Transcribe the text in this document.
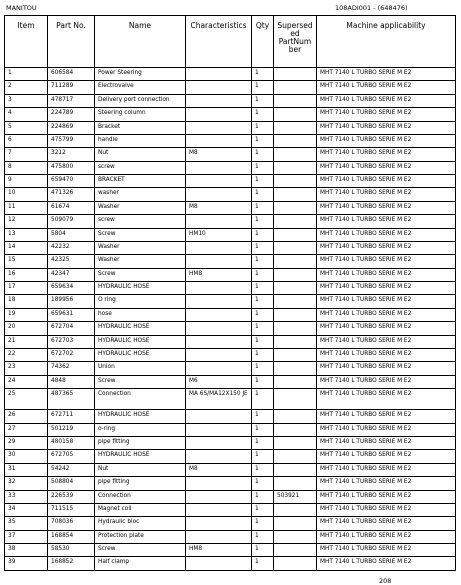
MANITOU	108ADI001 - (648476)
Item	Part No.	Name	Characteristics	Qty	Supersed ed PartNum ber	Machine applicability
1	606584	Power Steering		1		MHT 7140 L TURBO SERIE M E2
2	711289	Electrovalve		1		MHT 7140 L TURBO SERIE M E2
3	478717	Delivery port connection		1		MHT 7140 L TURBO SERIE M E2
4	224789	Steering column		1		MHT 7140 L TURBO SERIE M E2
5	224869	Bracket		1		MHT 7140 L TURBO SERIE M E2
6	475799	handle		1		MHT 7140 L TURBO SERIE M E2
7	3212	Nut	M8	1		MHT 7140 L TURBO SERIE M E2
8	475800	screw		1		MHT 7140 L TURBO SERIE M E2
9	659470	BRACKET		1		MHT 7140 L TURBO SERIE M E2
10	471326	washer		1		MHT 7140 L TURBO SERIE M E2
11	61674	Washer	M8	1		MHT 7140 L TURBO SERIE M E2
12	509079	screw		1		MHT 7140 L TURBO SERIE M E2
13	5804	Screw	HM10	1		MHT 7140 L TURBO SERIE M E2
14	42232	Washer		1		MHT 7140 L TURBO SERIE M E2
15	42325	Washer		1		MHT 7140 L TURBO SERIE M E2
16	42347	Screw	HM8	1		MHT 7140 L TURBO SERIE M E2
17	659634	HYDRAULIC HOSE		1		MHT 7140 L TURBO SERIE M E2
18	189956	O ring		1		MHT 7140 L TURBO SERIE M E2
19	659631	hose		1		MHT 7140 L TURBO SERIE M E2
20	672704	HYDRAULIC HOSE		1		MHT 7140 L TURBO SERIE M E2
21	672703	HYDRAULIC HOSE		1		MHT 7140 L TURBO SERIE M E2
22	672702	HYDRAULIC HOSE		1		MHT 7140 L TURBO SERIE M E2
23	74362	Union		1		MHT 7140 L TURBO SERIE M E2
24	4848	Screw	M6	1		MHT 7140 L TURBO SERIE M E2
25	487365	Connection	MA 6S/MA12X150 JE	1		MHT 7140 L TURBO SERIE M E2
26	672711	HYDRAULIC HOSE		1		MHT 7140 L TURBO SERIE M E2
27	501219	o-ring		1		MHT 7140 L TURBO SERIE M E2
29	480158	pipe fitting		1		MHT 7140 L TURBO SERIE M E2
30	672705	HYDRAULIC HOSE		1		MHT 7140 L TURBO SERIE M E2
31	54242	Nut	M8	1		MHT 7140 L TURBO SERIE M E2
32	508804	pipe fitting		1		MHT 7140 L TURBO SERIE M E2
33	226539	Connection		1	503921	MHT 7140 L TURBO SERIE M E2
34	711515	Magnet coil		1		MHT 7140 L TURBO SERIE M E2
35	708036	Hydraulic bloc		1		MHT 7140 L TURBO SERIE M E2
37	168854	Protection plate		1		MHT 7140 L TURBO SERIE M E2
38	58530	Screw	HM8	1		MHT 7140 L TURBO SERIE M E2
39	168852	Half clamp		1		MHT 7140 L TURBO SERIE M E2
208
